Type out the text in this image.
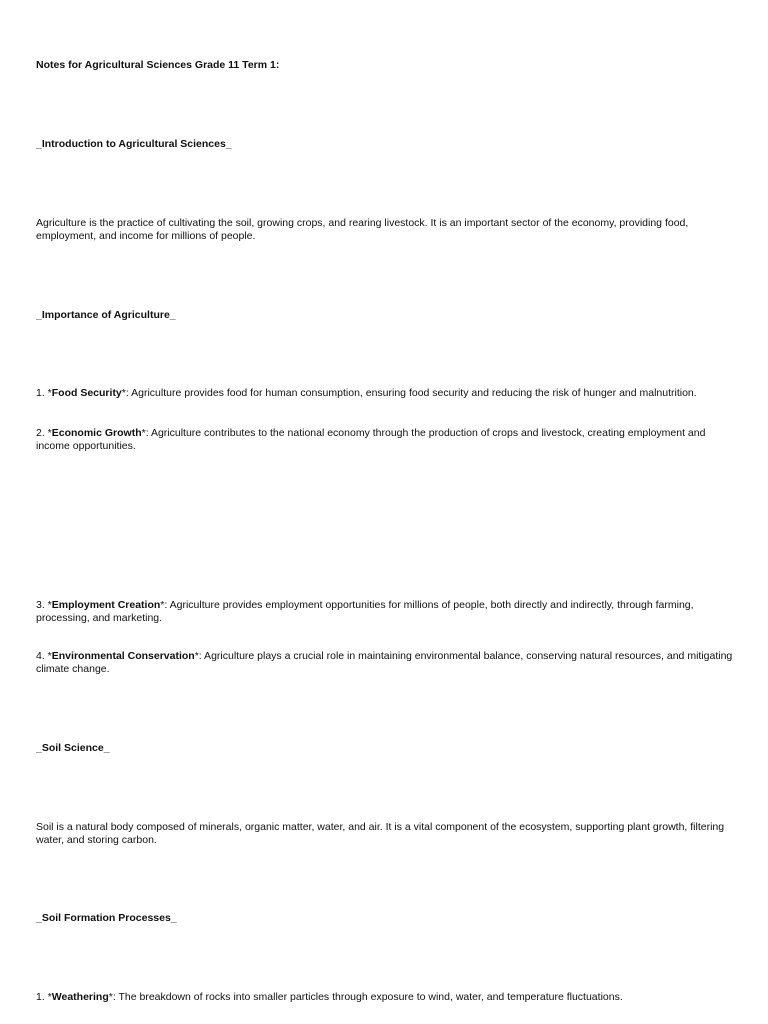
Notes for Agricultural Sciences Grade 11 Term 1:

_Introduction to Agricultural Sciences_

Agriculture is the practice of cultivating the soil, growing crops, and rearing livestock. It is an important sector of the economy, providing food, employment, and income for millions of people.

_Importance of Agriculture_

1. *Food Security*: Agriculture provides food for human consumption, ensuring food security and reducing the risk of hunger and malnutrition.

2. *Economic Growth*: Agriculture contributes to the national economy through the production of crops and livestock, creating employment and income opportunities.

3. *Employment Creation*: Agriculture provides employment opportunities for millions of people, both directly and indirectly, through farming, processing, and marketing.

4. *Environmental Conservation*: Agriculture plays a crucial role in maintaining environmental balance, conserving natural resources, and mitigating climate change.

_Soil Science_

Soil is a natural body composed of minerals, organic matter, water, and air. It is a vital component of the ecosystem, supporting plant growth, filtering water, and storing carbon.

_Soil Formation Processes_

1. *Weathering*: The breakdown of rocks into smaller particles through exposure to wind, water, and temperature fluctuations.
